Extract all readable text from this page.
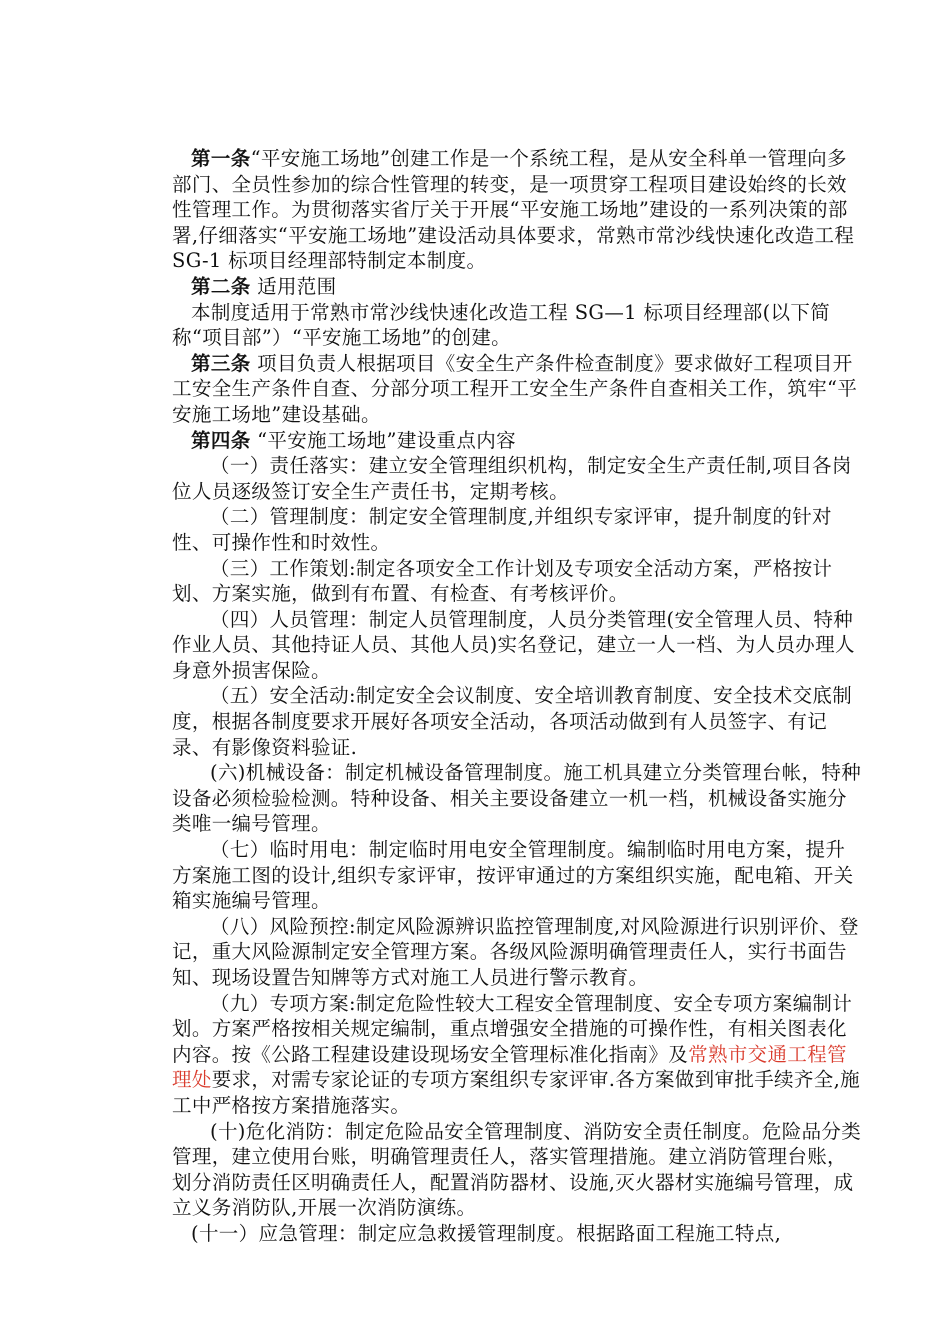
第一条“平安施工场地”创建工作是一个系统工程，是从安全科单一管理向多部门、全员性参加的综合性管理的转变，是一项贯穿工程项目建设始终的长效性管理工作。为贯彻落实省厅关于开展“平安施工场地”建设的一系列决策的部署,仔细落实“平安施工场地”建设活动具体要求，常熟市常沙线快速化改造工程 SG-1 标项目经理部特制定本制度。

第二条 适用范围

本制度适用于常熟市常沙线快速化改造工程 SG—1 标项目经理部(以下简称“项目部”）“平安施工场地”的创建。

第三条 项目负责人根据项目《安全生产条件检查制度》要求做好工程项目开工安全生产条件自查、分部分项工程开工安全生产条件自查相关工作，筑牢“平安施工场地”建设基础。

第四条 “平安施工场地”建设重点内容

（一）责任落实：建立安全管理组织机构，制定安全生产责任制,项目各岗位人员逐级签订安全生产责任书，定期考核。

（二）管理制度：制定安全管理制度,并组织专家评审，提升制度的针对性、可操作性和时效性。

（三）工作策划:制定各项安全工作计划及专项安全活动方案，严格按计划、方案实施，做到有布置、有检查、有考核评价。

（四）人员管理：制定人员管理制度，人员分类管理(安全管理人员、特种作业人员、其他持证人员、其他人员)实名登记，建立一人一档、为人员办理人身意外损害保险。

（五）安全活动:制定安全会议制度、安全培训教育制度、安全技术交底制度，根据各制度要求开展好各项安全活动，各项活动做到有人员签字、有记录、有影像资料验证.

(六)机械设备：制定机械设备管理制度。施工机具建立分类管理台帐，特种设备必须检验检测。特种设备、相关主要设备建立一机一档，机械设备实施分类唯一编号管理。

（七）临时用电：制定临时用电安全管理制度。编制临时用电方案，提升方案施工图的设计,组织专家评审，按评审通过的方案组织实施，配电箱、开关箱实施编号管理。

（八）风险预控:制定风险源辨识监控管理制度,对风险源进行识别评价、登记，重大风险源制定安全管理方案。各级风险源明确管理责任人，实行书面告知、现场设置告知牌等方式对施工人员进行警示教育。

（九）专项方案:制定危险性较大工程安全管理制度、安全专项方案编制计划。方案严格按相关规定编制，重点增强安全措施的可操作性，有相关图表化内容。按《公路工程建设建设现场安全管理标准化指南》及常熟市交通工程管理处要求，对需专家论证的专项方案组织专家评审.各方案做到审批手续齐全,施工中严格按方案措施落实。

(十)危化消防：制定危险品安全管理制度、消防安全责任制度。危险品分类管理，建立使用台账，明确管理责任人，落实管理措施。建立消防管理台账，划分消防责任区明确责任人，配置消防器材、设施,灭火器材实施编号管理，成立义务消防队,开展一次消防演练。

(十一）应急管理：制定应急救援管理制度。根据路面工程施工特点,
